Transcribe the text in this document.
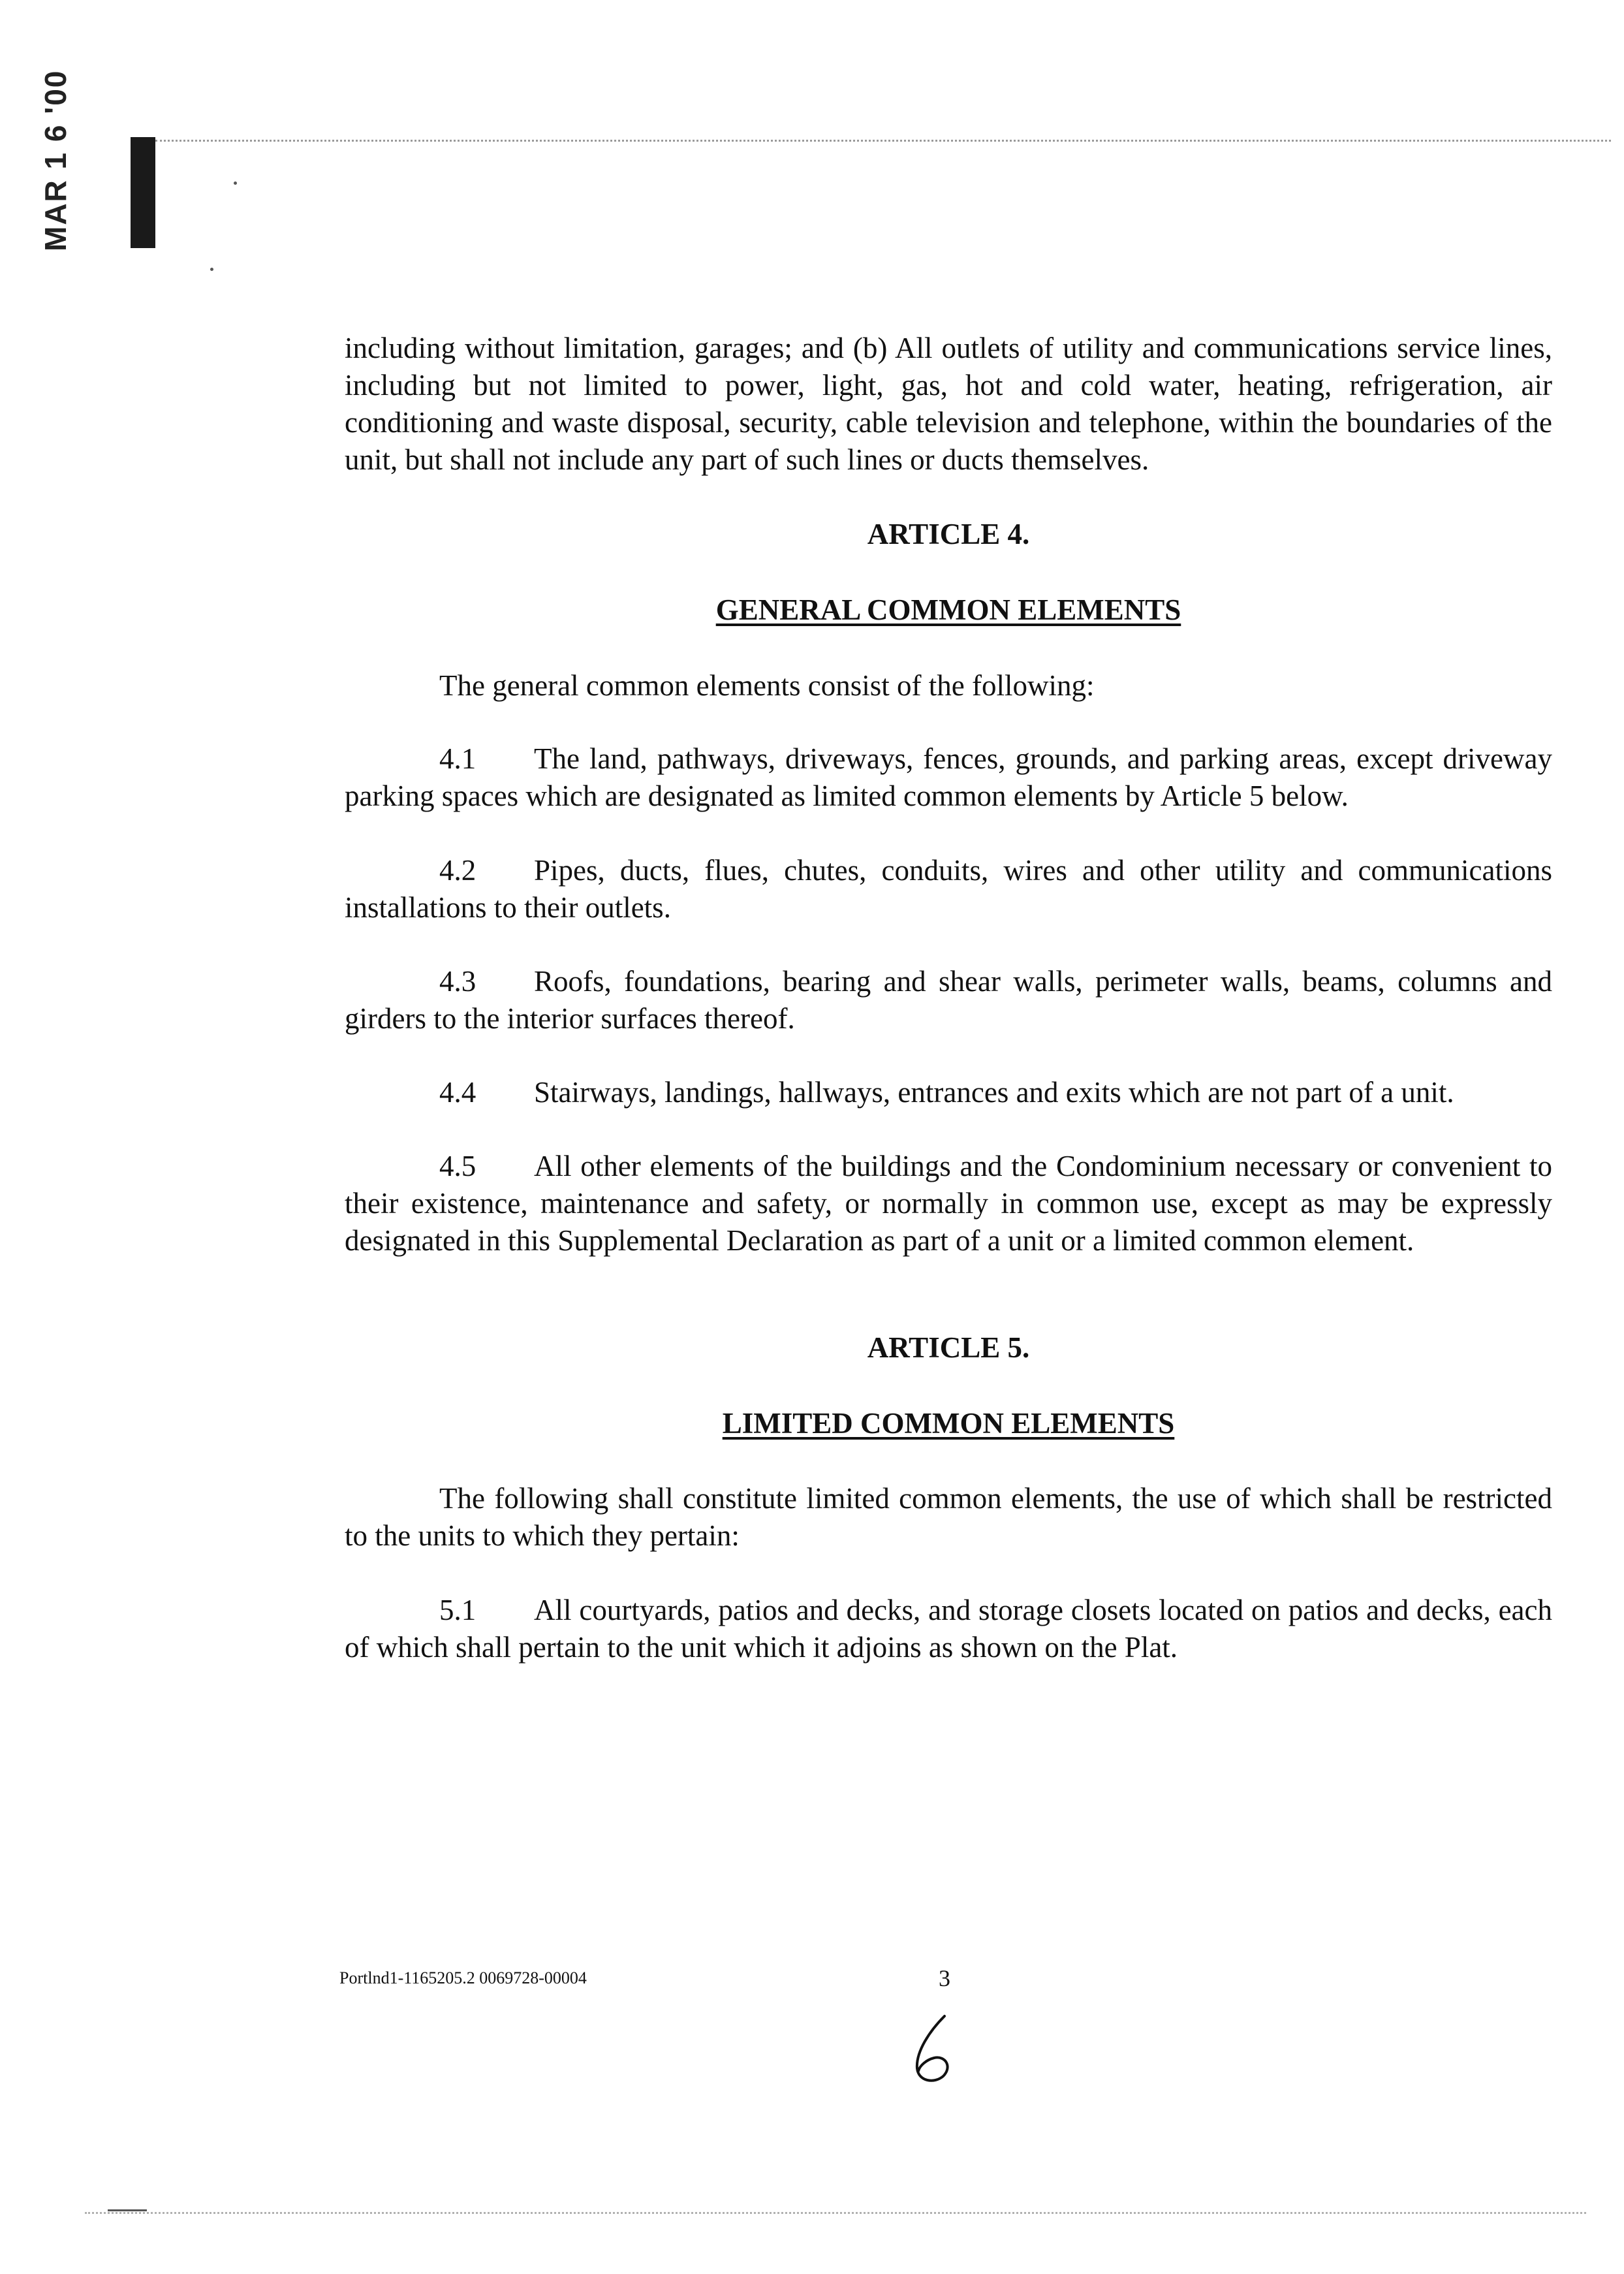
MAR 1 6 '00

including without limitation, garages; and (b) All outlets of utility and communications service lines, including but not limited to power, light, gas, hot and cold water, heating, refrigeration, air conditioning and waste disposal, security, cable television and telephone, within the boundaries of the unit, but shall not include any part of such lines or ducts themselves.

ARTICLE 4.

GENERAL COMMON ELEMENTS

The general common elements consist of the following:

4.1 The land, pathways, driveways, fences, grounds, and parking areas, except driveway parking spaces which are designated as limited common elements by Article 5 below.

4.2 Pipes, ducts, flues, chutes, conduits, wires and other utility and communications installations to their outlets.

4.3 Roofs, foundations, bearing and shear walls, perimeter walls, beams, columns and girders to the interior surfaces thereof.

4.4 Stairways, landings, hallways, entrances and exits which are not part of a unit.

4.5 All other elements of the buildings and the Condominium necessary or convenient to their existence, maintenance and safety, or normally in common use, except as may be expressly designated in this Supplemental Declaration as part of a unit or a limited common element.

ARTICLE 5.

LIMITED COMMON ELEMENTS

The following shall constitute limited common elements, the use of which shall be restricted to the units to which they pertain:

5.1 All courtyards, patios and decks, and storage closets located on patios and decks, each of which shall pertain to the unit which it adjoins as shown on the Plat.

Portlnd1-1165205.2 0069728-00004	3
